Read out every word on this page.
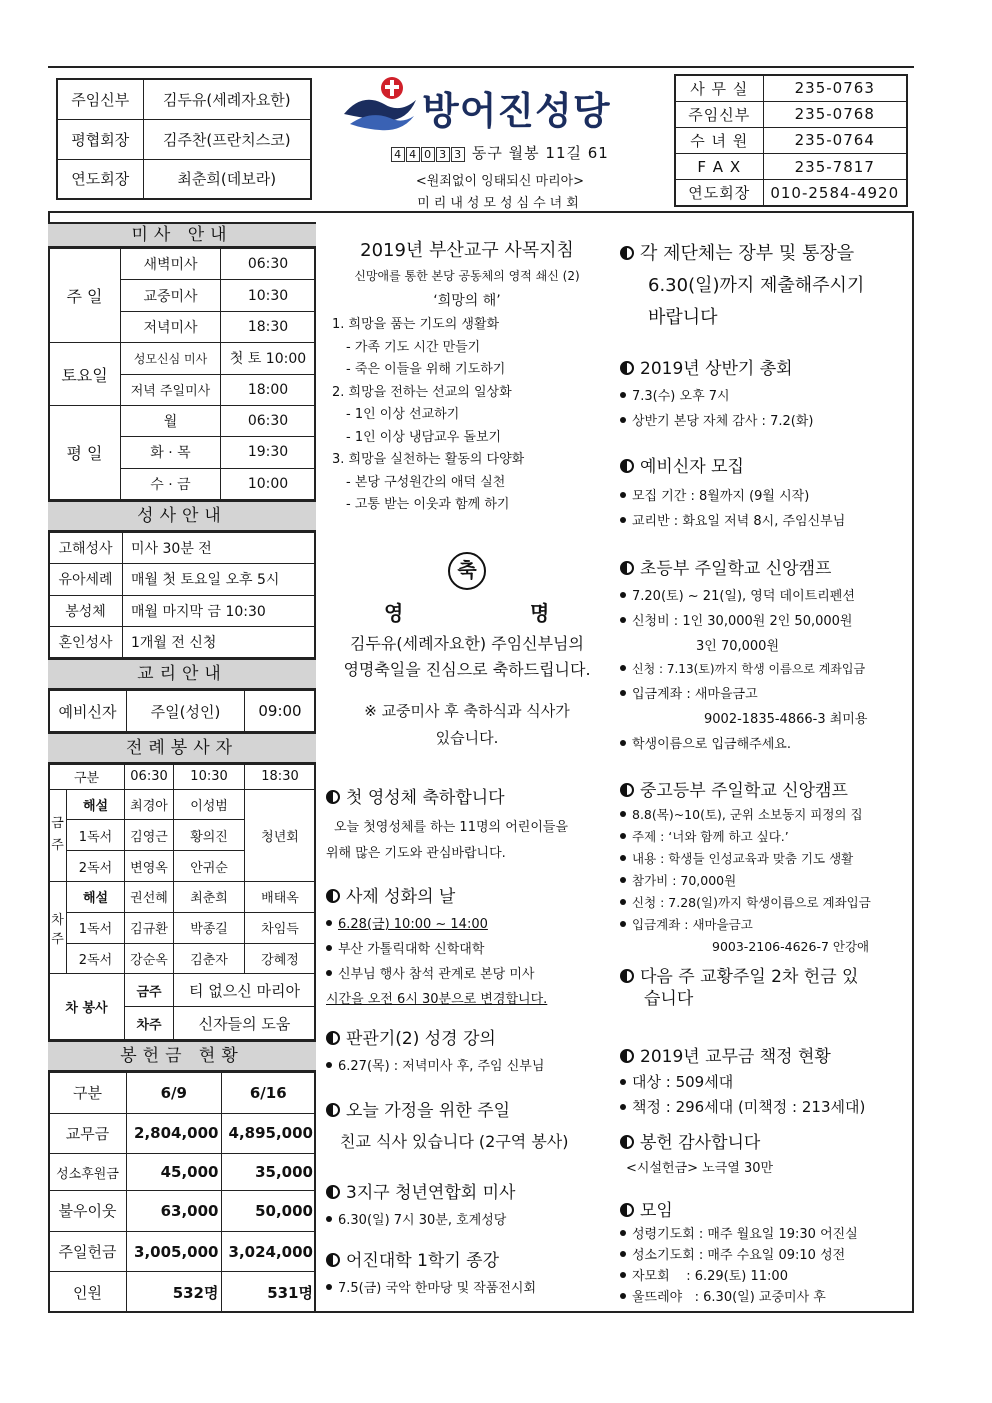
주임신부	김두유(세례자요한)
평협회장	김주찬(프란치스코)
연도회장	최춘희(데보라)
방어진성당
4 4 0 3 3 동구 월봉 11길 61
<원죄없이 잉태되신 마리아>
미리내성모성심수녀회
사 무 실	235-0763
주임신부	235-0768
수 녀 원	235-0764
F A X	235-7817
연도회장	010-2584-4920
미사 안내
주 일	새벽미사	06:30
	교중미사	10:30
	저녁미사	18:30
토요일	성모신심 미사	첫 토 10:00
	저녁 주일미사	18:00
평 일	월	06:30
	화 · 목	19:30
	수 · 금	10:00
성사안내
고해성사	미사 30분 전
유아세례	매월 첫 토요일 오후 5시
봉성체	매월 마지막 금 10:30
혼인성사	1개월 전 신청
교리안내
예비신자	주일(성인)	09:00
전례봉사자
구분		06:30	10:30	18:30
금주	해설	최경아	이성범	청년회
	1독서	김영근	황의진	
	2독서	변영옥	안귀순	
차주	해설	권선혜	최춘희	배태옥
	1독서	김규환	박종길	차임득
	2독서	강순옥	김춘자	강혜정
차 봉사		금주	티 없으신 마리아	
		차주	신자들의 도움	
봉헌금 현황
구분	6/9	6/16
교무금	2,804,000	4,895,000
성소후원금	45,000	35,000
불우이웃	63,000	50,000
주일헌금	3,005,000	3,024,000
인원	532명	531명
2019년 부산교구 사목지침
신망애를 통한 본당 공동체의 영적 쇄신 (2)
‘희망의 해’
1. 희망을 품는 기도의 생활화
- 가족 기도 시간 만들기
- 죽은 이들을 위해 기도하기
2. 희망을 전하는 선교의 일상화
- 1인 이상 선교하기
- 1인 이상 냉담교우 돌보기
3. 희망을 실천하는 활동의 다양화
- 본당 구성원간의 애덕 실천
- 고통 받는 이웃과 함께 하기
축
영	명
김두유(세례자요한) 주임신부님의
영명축일을 진심으로 축하드립니다.
※ 교중미사 후 축하식과 식사가
있습니다.

첫 영성체 축하합니다

오늘 첫영성체를 하는 11명의 어린이들을

위해 많은 기도와 관심바랍니다.

사제 성화의 날

6.28(금) 10:00 ~ 14:00

부산 가톨릭대학 신학대학

신부님 행사 참석 관계로 본당 미사

시간을 오전 6시 30분으로 변경합니다.

판관기(2) 성경 강의

6.27(목) : 저녁미사 후, 주임 신부님

오늘 가정을 위한 주일

친교 식사 있습니다 (2구역 봉사)

3지구 청년연합회 미사

6.30(일) 7시 30분, 호계성당

어진대학 1학기 종강

7.5(금) 국악 한마당 및 작품전시회

각 제단체는 장부 및 통장을
6.30(일)까지 제출해주시기
바랍니다

2019년 상반기 총회

7.3(수) 오후 7시

상반기 본당 자체 감사 : 7.2(화)

예비신자 모집

모집 기간 : 8월까지 (9월 시작)

교리반 : 화요일 저녁 8시, 주임신부님

초등부 주일학교 신앙캠프

7.20(토) ~ 21(일), 영덕 데이트리펜션

신청비 : 1인 30,000원 2인 50,000원

3인 70,000원

신청 : 7.13(토)까지 학생 이름으로 계좌입금

입금계좌 : 새마을금고

9002-1835-4866-3 최미용

학생이름으로 입금해주세요.

중고등부 주일학교 신앙캠프

8.8(목)~10(토), 군위 소보동지 피정의 집

주제 : ‘너와 함께 하고 싶다.’

내용 : 학생들 인성교육과 맞춤 기도 생활

참가비 : 70,000원

신청 : 7.28(일)까지 학생이름으로 계좌입금

입금계좌 : 새마을금고

9003-2106-4626-7 안강애

다음 주 교황주일 2차 헌금 있
습니다

2019년 교무금 책정 현황

대상 : 509세대

책정 : 296세대 (미책정 : 213세대)

봉헌 감사합니다

<시설헌금> 노극열 30만

모임

성령기도회 : 매주 월요일 19:30 어진실

성소기도회 : 매주 수요일 09:10 성전

자모회    : 6.29(토) 11:00

울뜨레야   : 6.30(일) 교중미사 후
